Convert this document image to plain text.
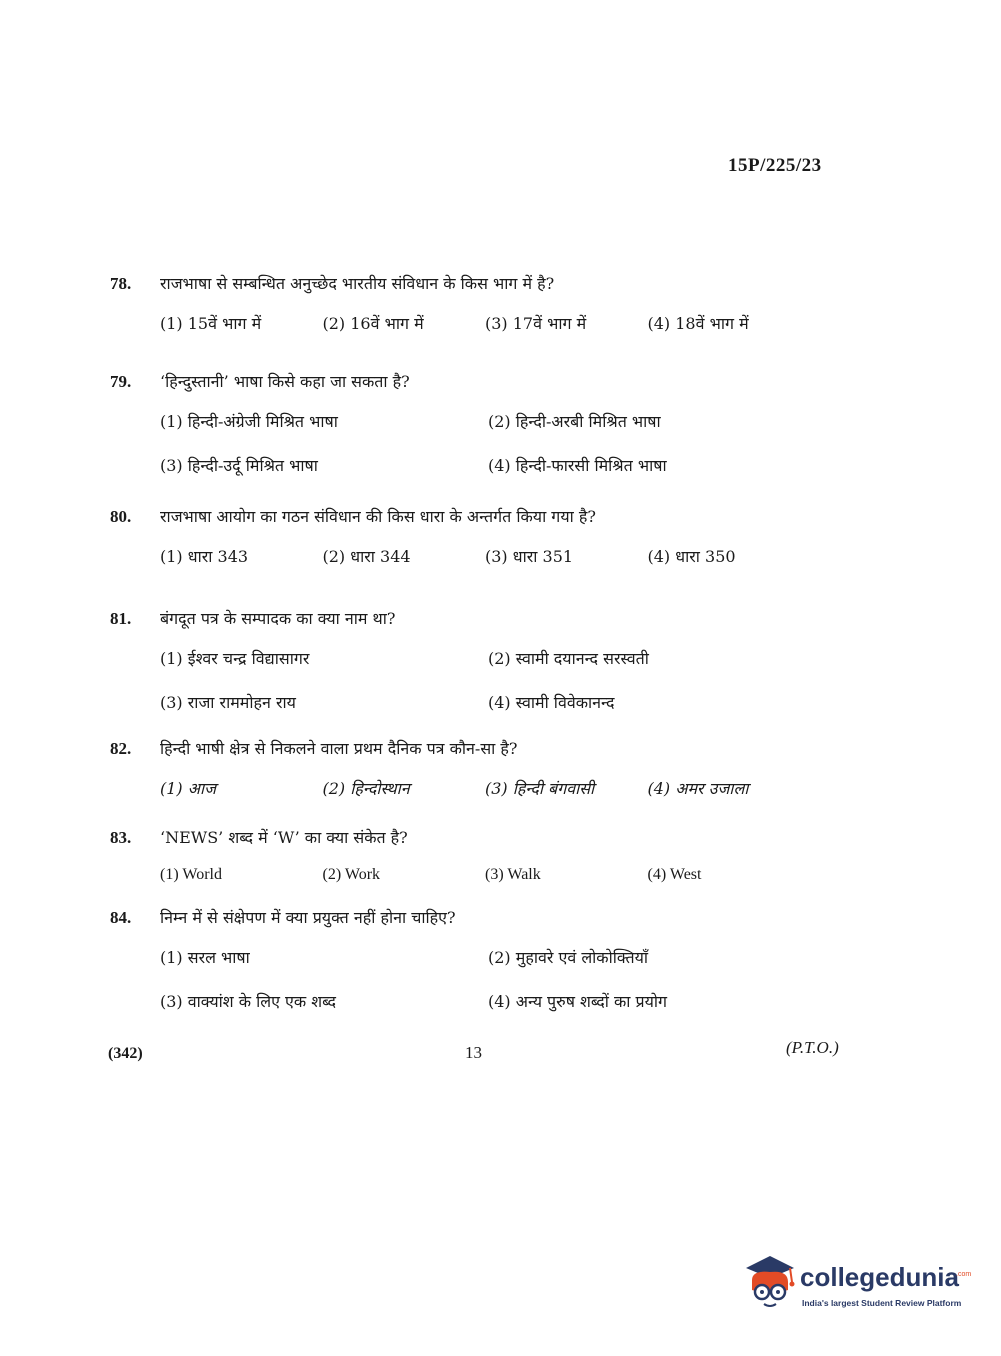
15P/225/23
78.	राजभाषा से सम्बन्धित अनुच्छेद भारतीय संविधान के किस भाग में है?
(1) 15वें भाग में	(2) 16वें भाग में	(3) 17वें भाग में	(4) 18वें भाग में
79.	‘हिन्दुस्तानी’ भाषा किसे कहा जा सकता है?
(1) हिन्दी-अंग्रेजी मिश्रित भाषा	(2) हिन्दी-अरबी मिश्रित भाषा
(3) हिन्दी-उर्दू मिश्रित भाषा	(4) हिन्दी-फारसी मिश्रित भाषा
80.	राजभाषा आयोग का गठन संविधान की किस धारा के अन्तर्गत किया गया है?
(1) धारा 343	(2) धारा 344	(3) धारा 351	(4) धारा 350
81.	बंगदूत पत्र के सम्पादक का क्या नाम था?
(1) ईश्वर चन्द्र विद्यासागर	(2) स्वामी दयानन्द सरस्वती
(3) राजा राममोहन राय	(4) स्वामी विवेकानन्द
82.	हिन्दी भाषी क्षेत्र से निकलने वाला प्रथम दैनिक पत्र कौन-सा है?
(1) आज	(2) हिन्दोस्थान	(3) हिन्दी बंगवासी	(4) अमर उजाला
83.	‘NEWS’ शब्द में ‘W’ का क्या संकेत है?
(1) World	(2) Work	(3) Walk	(4) West
84.	निम्न में से संक्षेपण में क्या प्रयुक्त नहीं होना चाहिए?
(1) सरल भाषा	(2) मुहावरे एवं लोकोक्तियाँ
(3) वाक्यांश के लिए एक शब्द	(4) अन्य पुरुष शब्दों का प्रयोग
(342)	13	(P.T.O.)
collegedunia
.com
India's largest Student Review Platform
